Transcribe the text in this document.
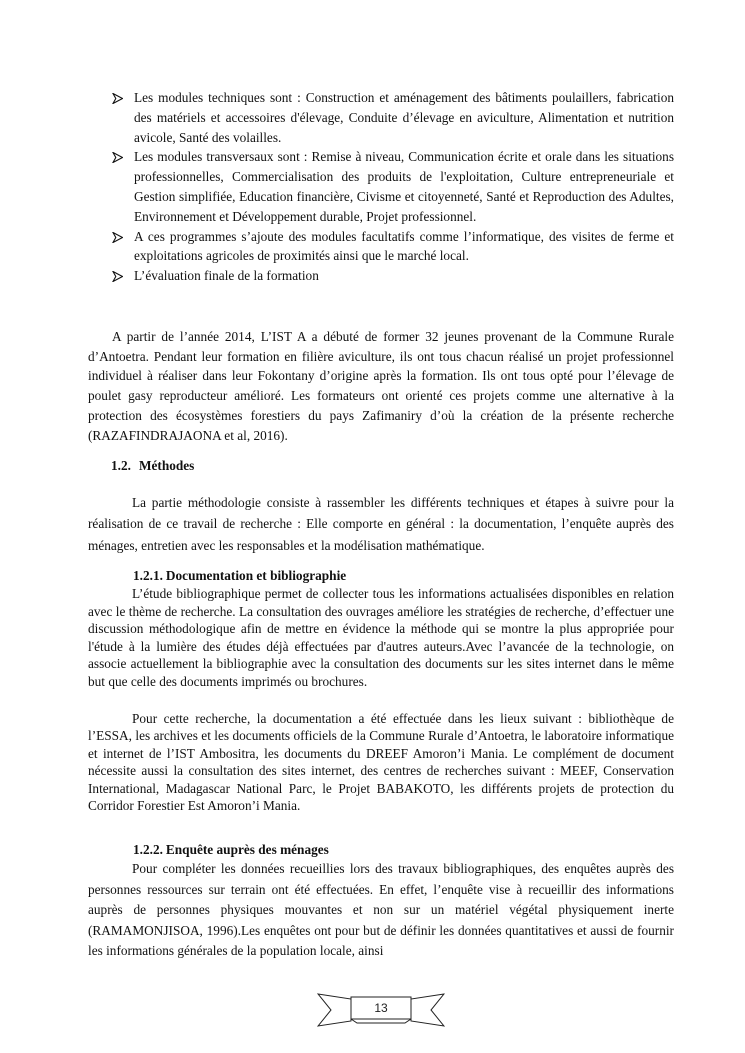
Les modules techniques sont : Construction et aménagement des bâtiments poulaillers, fabrication des matériels et accessoires d'élevage, Conduite d’élevage en aviculture, Alimentation et nutrition avicole, Santé des volailles.
Les modules transversaux sont : Remise à niveau, Communication écrite et orale dans les situations professionnelles, Commercialisation des produits de l'exploitation, Culture entrepreneuriale et Gestion simplifiée, Education financière, Civisme et citoyenneté, Santé et Reproduction des Adultes, Environnement et Développement durable, Projet professionnel.
A ces programmes s’ajoute des modules facultatifs comme l’informatique, des visites de ferme et exploitations agricoles de proximités ainsi que le marché local.
L’évaluation finale de la formation

A partir de l’année 2014, L’IST A a débuté de former 32 jeunes provenant de la Commune Rurale d’Antoetra. Pendant leur formation en filière aviculture, ils ont tous chacun réalisé un projet professionnel individuel à réaliser dans leur Fokontany d’origine après la formation. Ils ont tous opté pour l’élevage de poulet gasy reproducteur amélioré. Les formateurs ont orienté ces projets comme une alternative à la protection des écosystèmes forestiers du pays Zafimaniry d’où la création de la présente recherche (RAZAFINDRAJAONA et al, 2016).

1.2. Méthodes

La partie méthodologie consiste à rassembler les différents techniques et étapes à suivre pour la réalisation de ce travail de recherche : Elle comporte en général : la documentation, l’enquête auprès des ménages, entretien avec les responsables et la modélisation mathématique.

1.2.1. Documentation et bibliographie

L’étude bibliographique permet de collecter tous les informations actualisées disponibles en relation avec le thème de recherche. La consultation des ouvrages améliore les stratégies de recherche, d’effectuer une discussion méthodologique afin de mettre en évidence la méthode qui se montre la plus appropriée pour l'étude à la lumière des études déjà effectuées par d'autres auteurs.Avec l’avancée de la technologie, on associe actuellement la bibliographie avec la consultation des documents sur les sites internet dans le même but que celle des documents imprimés ou brochures.

Pour cette recherche, la documentation a été effectuée dans les lieux suivant : bibliothèque de l’ESSA, les archives et les documents officiels de la Commune Rurale d’Antoetra, le laboratoire informatique et internet de l’IST Ambositra, les documents du DREEF Amoron’i Mania. Le complément de document nécessite aussi la consultation des sites internet, des centres de recherches suivant : MEEF, Conservation International, Madagascar National Parc, le Projet BABAKOTO, les différents projets de protection du Corridor Forestier Est Amoron’i Mania.

1.2.2. Enquête auprès des ménages

Pour compléter les données recueillies lors des travaux bibliographiques, des enquêtes auprès des personnes ressources sur terrain ont été effectuées. En effet, l’enquête vise à recueillir des informations auprès de personnes physiques mouvantes et non sur un matériel végétal physiquement inerte (RAMAMONJISOA, 1996).Les enquêtes ont pour but de définir les données quantitatives et aussi de fournir les informations générales de la population locale, ainsi

13
